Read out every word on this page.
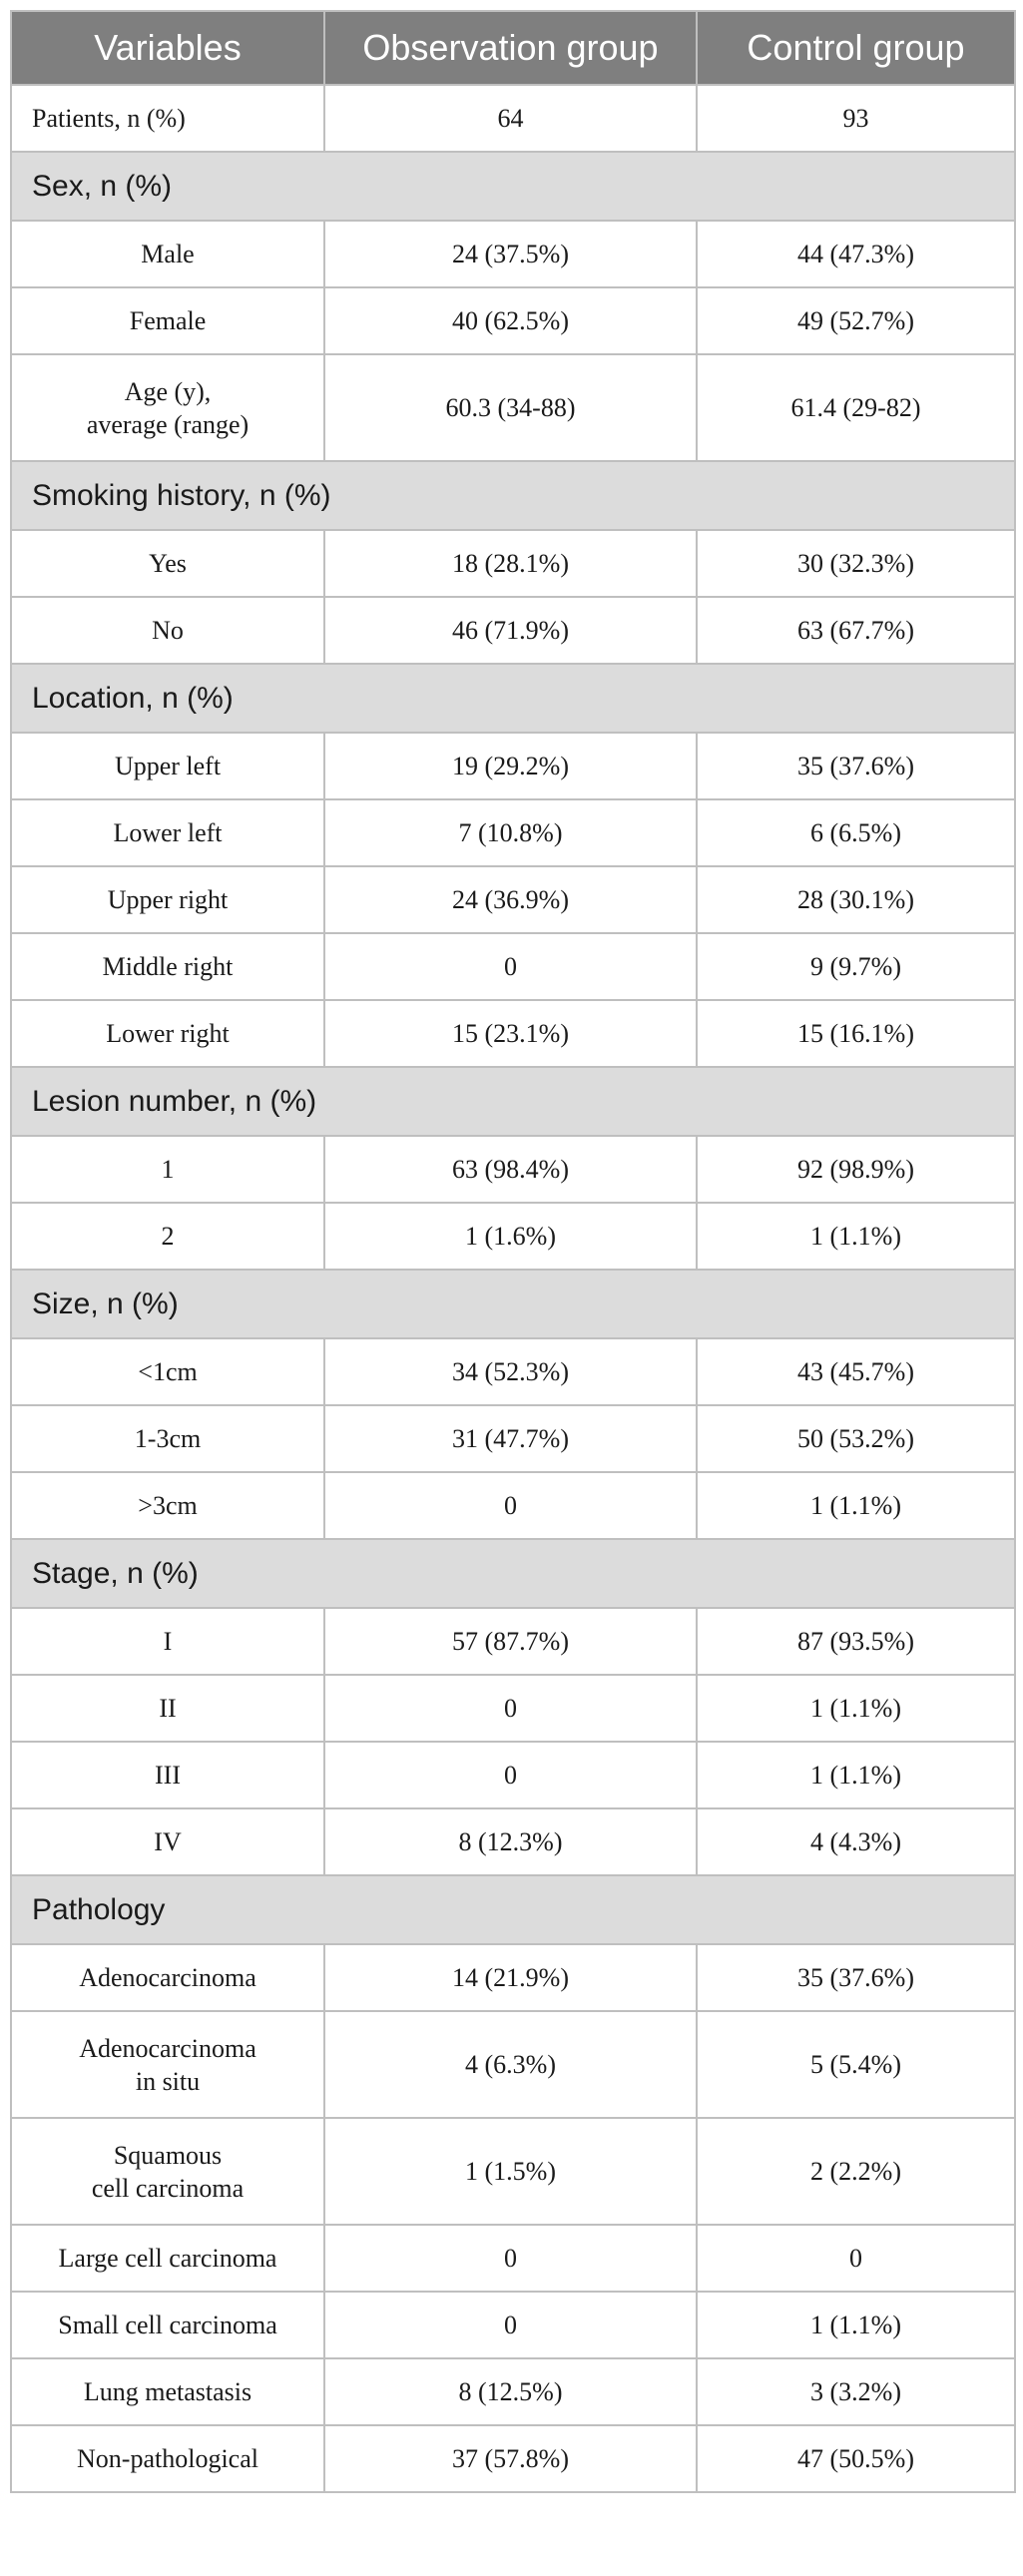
Variables	Observation group	Control group
Patients, n (%)	64	93
Sex, n (%)		
Male	24 (37.5%)	44 (47.3%)
Female	40 (62.5%)	49 (52.7%)

Age (y),
average (range)	60.3 (34-88)	61.4 (29-82)
Smoking history, n (%)		
Yes	18 (28.1%)	30 (32.3%)
No	46 (71.9%)	63 (67.7%)
Location, n (%)		
Upper left	19 (29.2%)	35 (37.6%)
Lower left	7 (10.8%)	6 (6.5%)
Upper right	24 (36.9%)	28 (30.1%)
Middle right	0	9 (9.7%)
Lower right	15 (23.1%)	15 (16.1%)
Lesion number, n (%)		
1	63 (98.4%)	92 (98.9%)
2	1 (1.6%)	1 (1.1%)
Size, n (%)		
<1cm	34 (52.3%)	43 (45.7%)
1-3cm	31 (47.7%)	50 (53.2%)
>3cm	0	1 (1.1%)
Stage, n (%)		
I	57 (87.7%)	87 (93.5%)
II	0	1 (1.1%)
III	0	1 (1.1%)
IV	8 (12.3%)	4 (4.3%)
Pathology		
Adenocarcinoma	14 (21.9%)	35 (37.6%)

Adenocarcinoma
in situ	4 (6.3%)	5 (5.4%)

Squamous
cell carcinoma	1 (1.5%)	2 (2.2%)
Large cell carcinoma	0	0
Small cell carcinoma	0	1 (1.1%)
Lung metastasis	8 (12.5%)	3 (3.2%)
Non-pathological	37 (57.8%)	47 (50.5%)
